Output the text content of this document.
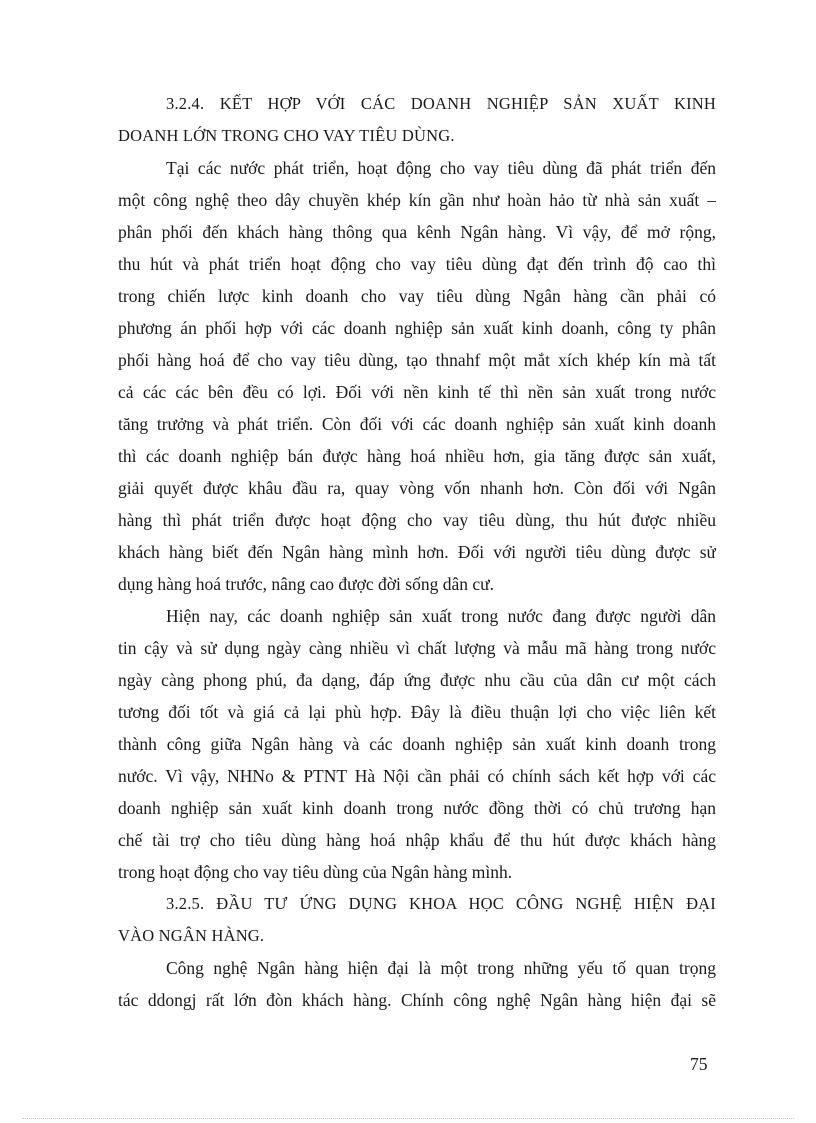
3.2.4. KẾT HỢP VỚI CÁC DOANH NGHIỆP SẢN XUẤT KINH
DOANH LỚN TRONG CHO VAY TIÊU DÙNG.
Tại các nước phát triển, hoạt động cho vay tiêu dùng đã phát triển đến
một công nghệ theo dây chuyền khép kín gần như hoàn hảo từ nhà sản xuất –
phân phối đến khách hàng thông qua kênh Ngân hàng. Vì vậy, để mở rộng,
thu hút và phát triển hoạt động cho vay tiêu dùng đạt đến trình độ cao thì
trong chiến lược kinh doanh cho vay tiêu dùng Ngân hàng cần phải có
phương án phối hợp với các doanh nghiệp sản xuất kinh doanh, công ty phân
phối hàng hoá để cho vay tiêu dùng, tạo thnahf một mắt xích khép kín mà tất
cả các các bên đều có lợi. Đối với nền kinh tế thì nền sản xuất trong nước
tăng trưởng và phát triển. Còn đối với các doanh nghiệp sản xuất kinh doanh
thì các doanh nghiệp bán được hàng hoá nhiều hơn, gia tăng được sản xuất,
giải quyết được khâu đầu ra, quay vòng vốn nhanh hơn. Còn đối với Ngân
hàng thì phát triển được hoạt động cho vay tiêu dùng, thu hút được nhiều
khách hàng biết đến Ngân hàng mình hơn. Đối với người tiêu dùng được sử
dụng hàng hoá trước, nâng cao được đời sống dân cư.
Hiện nay, các doanh nghiệp sản xuất trong nước đang được người dân
tin cậy và sử dụng ngày càng nhiều vì chất lượng và mẫu mã hàng trong nước
ngày càng phong phú, đa dạng, đáp ứng được nhu cầu của dân cư một cách
tương đối tốt và giá cả lại phù hợp. Đây là điều thuận lợi cho việc liên kết
thành công giữa Ngân hàng và các doanh nghiệp sản xuất kinh doanh trong
nước. Vì vậy, NHNo & PTNT Hà Nội cần phải có chính sách kết hợp với các
doanh nghiệp sản xuất kinh doanh trong nước đồng thời có chủ trương hạn
chế tài trợ cho tiêu dùng hàng hoá nhập khẩu để thu hút được khách hàng
trong hoạt động cho vay tiêu dùng của Ngân hàng mình.
3.2.5. ĐẦU TƯ ỨNG DỤNG KHOA HỌC CÔNG NGHỆ HIỆN ĐẠI
VÀO NGÂN HÀNG.
Công nghệ Ngân hàng hiện đại là một trong những yếu tố quan trọng
tác ddongj rất lớn đòn khách hàng. Chính công nghệ Ngân hàng hiện đại sẽ
75
